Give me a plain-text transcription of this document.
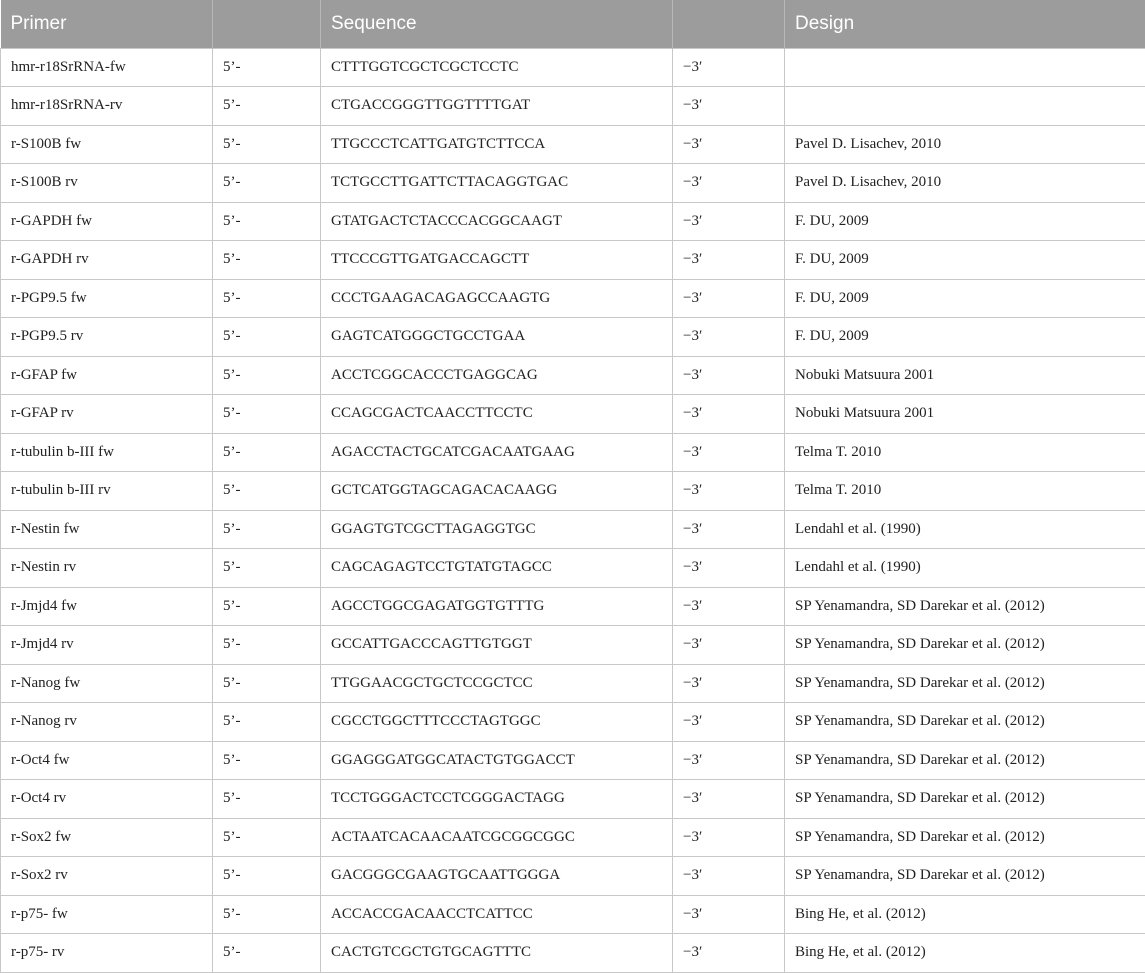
Primer		Sequence		Design
hmr-r18SrRNA-fw	5’-	CTTTGGTCGCTCGCTCCTC	−3′	
hmr-r18SrRNA-rv	5’-	CTGACCGGGTTGGTTTTGAT	−3′	
r-S100B fw	5’-	TTGCCCTCATTGATGTCTTCCA	−3′	Pavel D. Lisachev, 2010
r-S100B rv	5’-	TCTGCCTTGATTCTTACAGGTGAC	−3′	Pavel D. Lisachev, 2010
r-GAPDH fw	5’-	GTATGACTCTACCCACGGCAAGT	−3′	F. DU, 2009
r-GAPDH rv	5’-	TTCCCGTTGATGACCAGCTT	−3′	F. DU, 2009
r-PGP9.5 fw	5’-	CCCTGAAGACAGAGCCAAGTG	−3′	F. DU, 2009
r-PGP9.5 rv	5’-	GAGTCATGGGCTGCCTGAA	−3′	F. DU, 2009
r-GFAP fw	5’-	ACCTCGGCACCCTGAGGCAG	−3′	Nobuki Matsuura 2001
r-GFAP rv	5’-	CCAGCGACTCAACCTTCCTC	−3′	Nobuki Matsuura 2001
r-tubulin b-III fw	5’-	AGACCTACTGCATCGACAATGAAG	−3′	Telma T. 2010
r-tubulin b-III rv	5’-	GCTCATGGTAGCAGACACAAGG	−3′	Telma T. 2010
r-Nestin fw	5’-	GGAGTGTCGCTTAGAGGTGC	−3′	Lendahl et al. (1990)
r-Nestin rv	5’-	CAGCAGAGTCCTGTATGTAGCC	−3′	Lendahl et al. (1990)
r-Jmjd4 fw	5’-	AGCCTGGCGAGATGGTGTTTG	−3′	SP Yenamandra, SD Darekar et al. (2012)
r-Jmjd4 rv	5’-	GCCATTGACCCAGTTGTGGT	−3′	SP Yenamandra, SD Darekar et al. (2012)
r-Nanog fw	5’-	TTGGAACGCTGCTCCGCTCC	−3′	SP Yenamandra, SD Darekar et al. (2012)
r-Nanog rv	5’-	CGCCTGGCTTTCCCTAGTGGC	−3′	SP Yenamandra, SD Darekar et al. (2012)
r-Oct4 fw	5’-	GGAGGGATGGCATACTGTGGACCT	−3′	SP Yenamandra, SD Darekar et al. (2012)
r-Oct4 rv	5’-	TCCTGGGACTCCTCGGGACTAGG	−3′	SP Yenamandra, SD Darekar et al. (2012)
r-Sox2 fw	5’-	ACTAATCACAACAATCGCGGCGGC	−3′	SP Yenamandra, SD Darekar et al. (2012)
r-Sox2 rv	5’-	GACGGGCGAAGTGCAATTGGGA	−3′	SP Yenamandra, SD Darekar et al. (2012)
r-p75- fw	5’-	ACCACCGACAACCTCATTCC	−3′	Bing He, et al. (2012)
r-p75- rv	5’-	CACTGTCGCTGTGCAGTTTC	−3′	Bing He, et al. (2012)
